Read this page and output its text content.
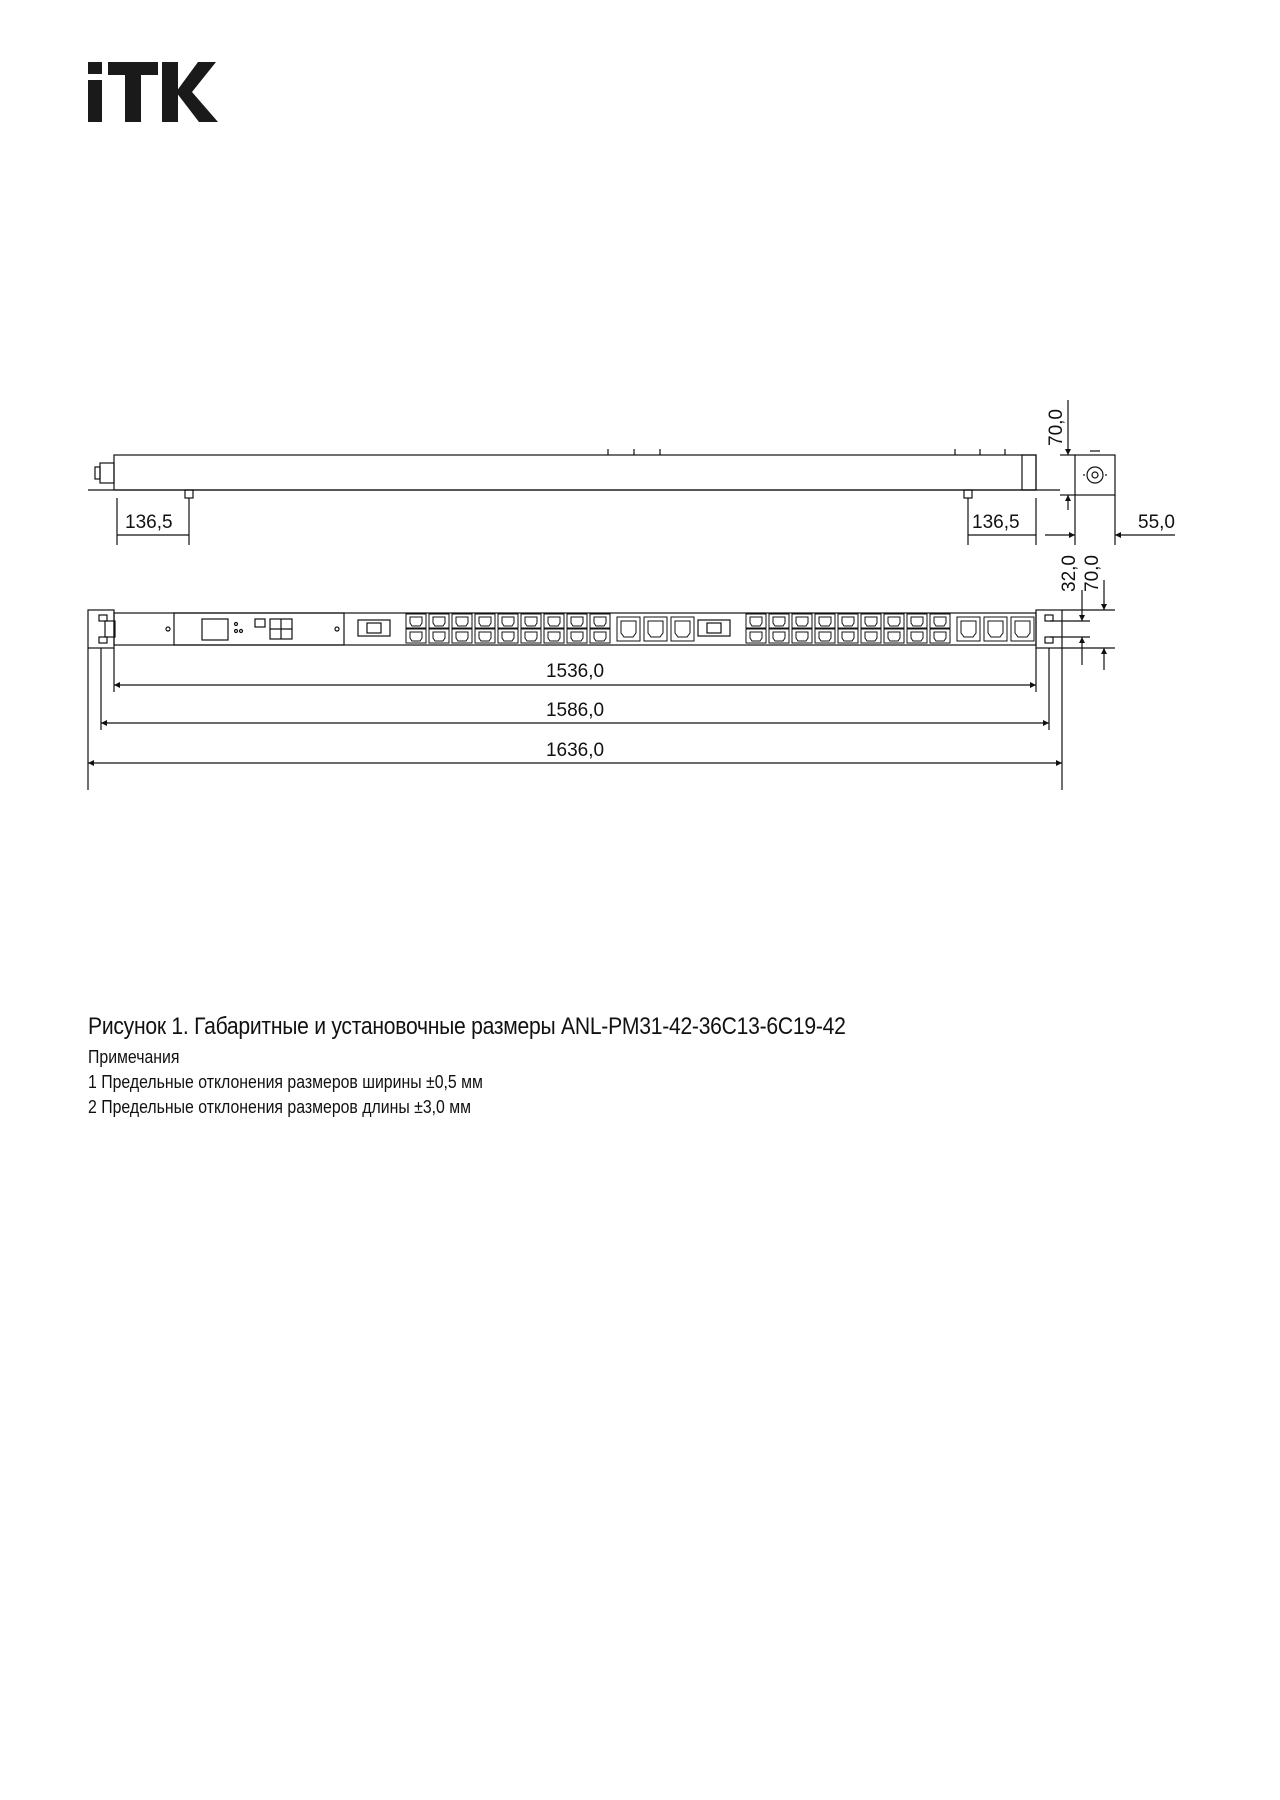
136,5	136,5
70,0
55,0
32,0 70,0
1536,0
1586,0
1636,0

Рисунок 1. Габаритные и установочные размеры ANL-PM31-42-36C13-6C19-42

Примечания

1 Предельные отклонения размеров ширины ±0,5 мм

2 Предельные отклонения размеров длины ±3,0 мм
